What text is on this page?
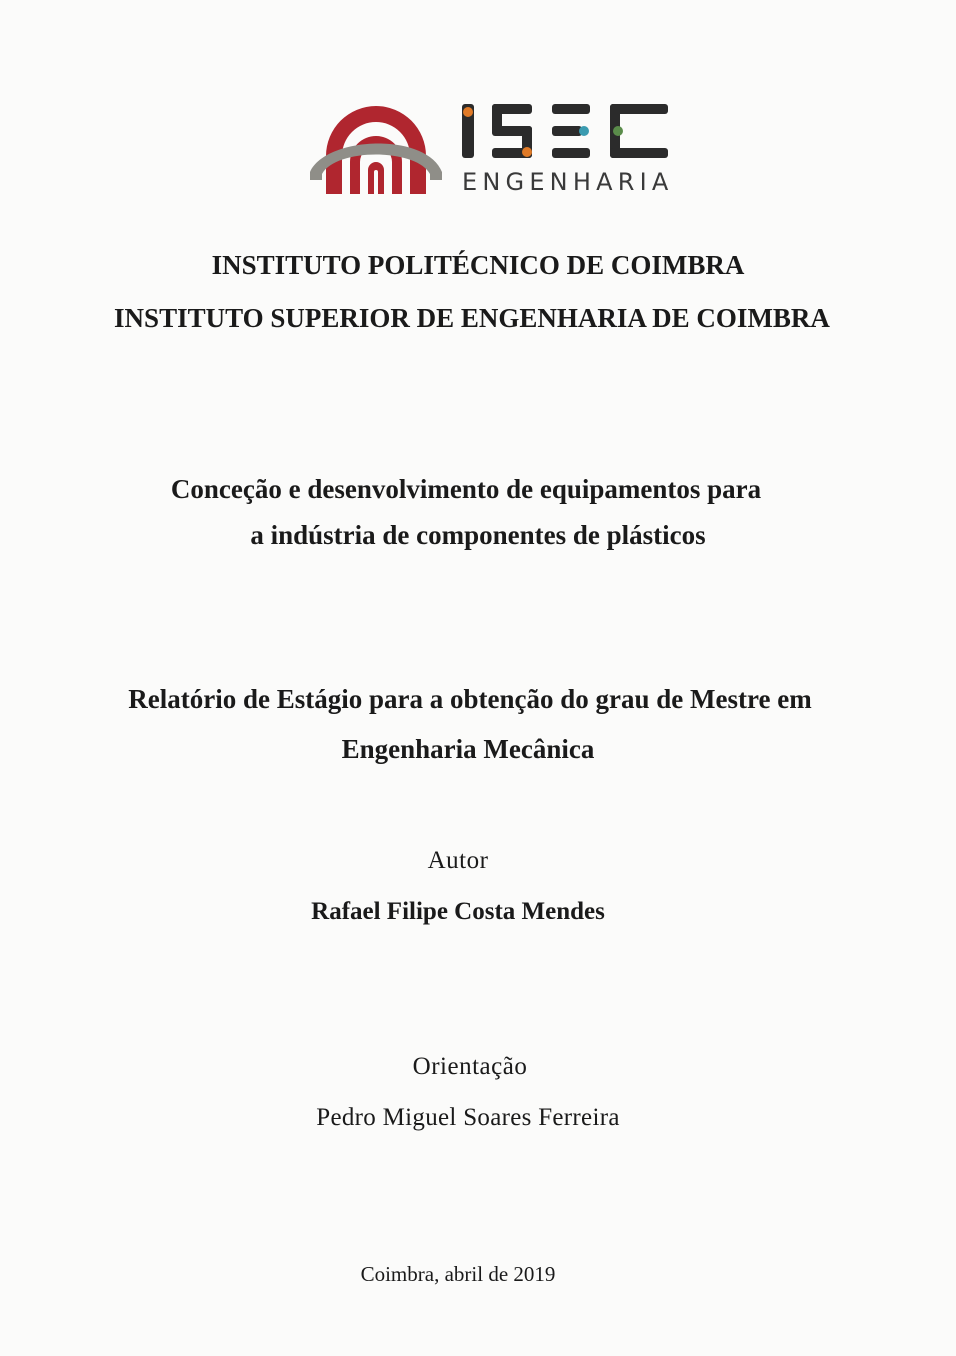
ENGENHARIA
INSTITUTO POLITÉCNICO DE COIMBRA
INSTITUTO SUPERIOR DE ENGENHARIA DE COIMBRA
Conceção e desenvolvimento de equipamentos para
a indústria de componentes de plásticos
Relatório de Estágio para a obtenção do grau de Mestre em
Engenharia Mecânica
Autor
Rafael Filipe Costa Mendes
Orientação
Pedro Miguel Soares Ferreira
Coimbra, abril de 2019
